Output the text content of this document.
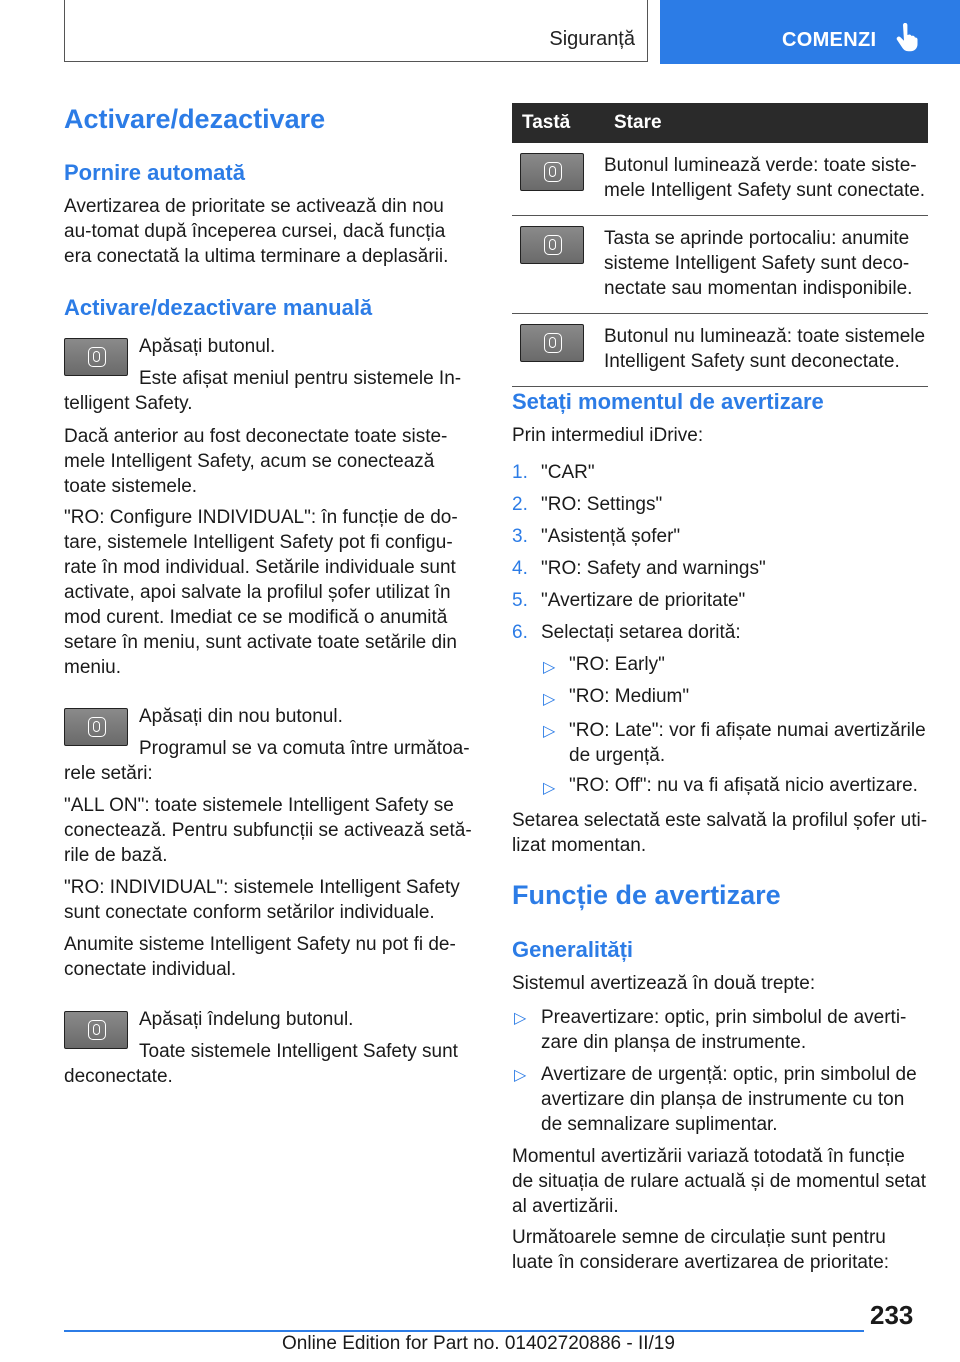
Siguranță	COMENZI
Activare/dezactivare
Pornire automată
Avertizarea de prioritate se activează din nou au-tomat după începerea cursei, dacă funcția era conectată la ultima terminare a deplasării.
Activare/dezactivare manuală
Apăsați butonul.
Este afișat meniul pentru sistemele In-telligent Safety.
Dacă anterior au fost deconectate toate siste-mele Intelligent Safety, acum se conectează toate sistemele.
"RO: Configure INDIVIDUAL": în funcție de do-tare, sistemele Intelligent Safety pot fi configu-rate în mod individual. Setările individuale sunt activate, apoi salvate la profilul șofer utilizat în mod curent. Imediat ce se modifică o anumită setare în meniu, sunt activate toate setările din meniu.
Apăsați din nou butonul.
Programul se va comuta între următoa-rele setări:
"ALL ON": toate sistemele Intelligent Safety se conectează. Pentru subfuncții se activează setă-rile de bază.
"RO: INDIVIDUAL": sistemele Intelligent Safety sunt conectate conform setărilor individuale.
Anumite sisteme Intelligent Safety nu pot fi de-conectate individual.
Apăsați îndelung butonul.
Toate sistemele Intelligent Safety sunt deconectate.
Tastă	Stare

	Butonul luminează verde: toate siste-mele Intelligent Safety sunt conectate.

	Tasta se aprinde portocaliu: anumite sisteme Intelligent Safety sunt deco-nectate sau momentan indisponibile.

	Butonul nu luminează: toate sistemele Intelligent Safety sunt deconectate.
Setați momentul de avertizare
Prin intermediul iDrive:
1. "CAR"
2. "RO: Settings"
3. "Asistență șofer"
4. "RO: Safety and warnings"
5. "Avertizare de prioritate"
6. Selectați setarea dorită:
▷ "RO: Early"
▷ "RO: Medium"
▷ "RO: Late": vor fi afișate numai avertizările de urgență.
▷ "RO: Off": nu va fi afișată nicio avertizare.
Setarea selectată este salvată la profilul șofer uti-lizat momentan.
Funcție de avertizare
Generalități
Sistemul avertizează în două trepte:
▷ Preavertizare: optic, prin simbolul de averti-zare din planșa de instrumente.
▷ Avertizare de urgență: optic, prin simbolul de avertizare din planșa de instrumente cu ton de semnalizare suplimentar.
Momentul avertizării variază totodată în funcție de situația de rulare actuală și de momentul setat al avertizării.
Următoarele semne de circulație sunt pentru luate în considerare avertizarea de prioritate:
233
Online Edition for Part no. 01402720886 - II/19
